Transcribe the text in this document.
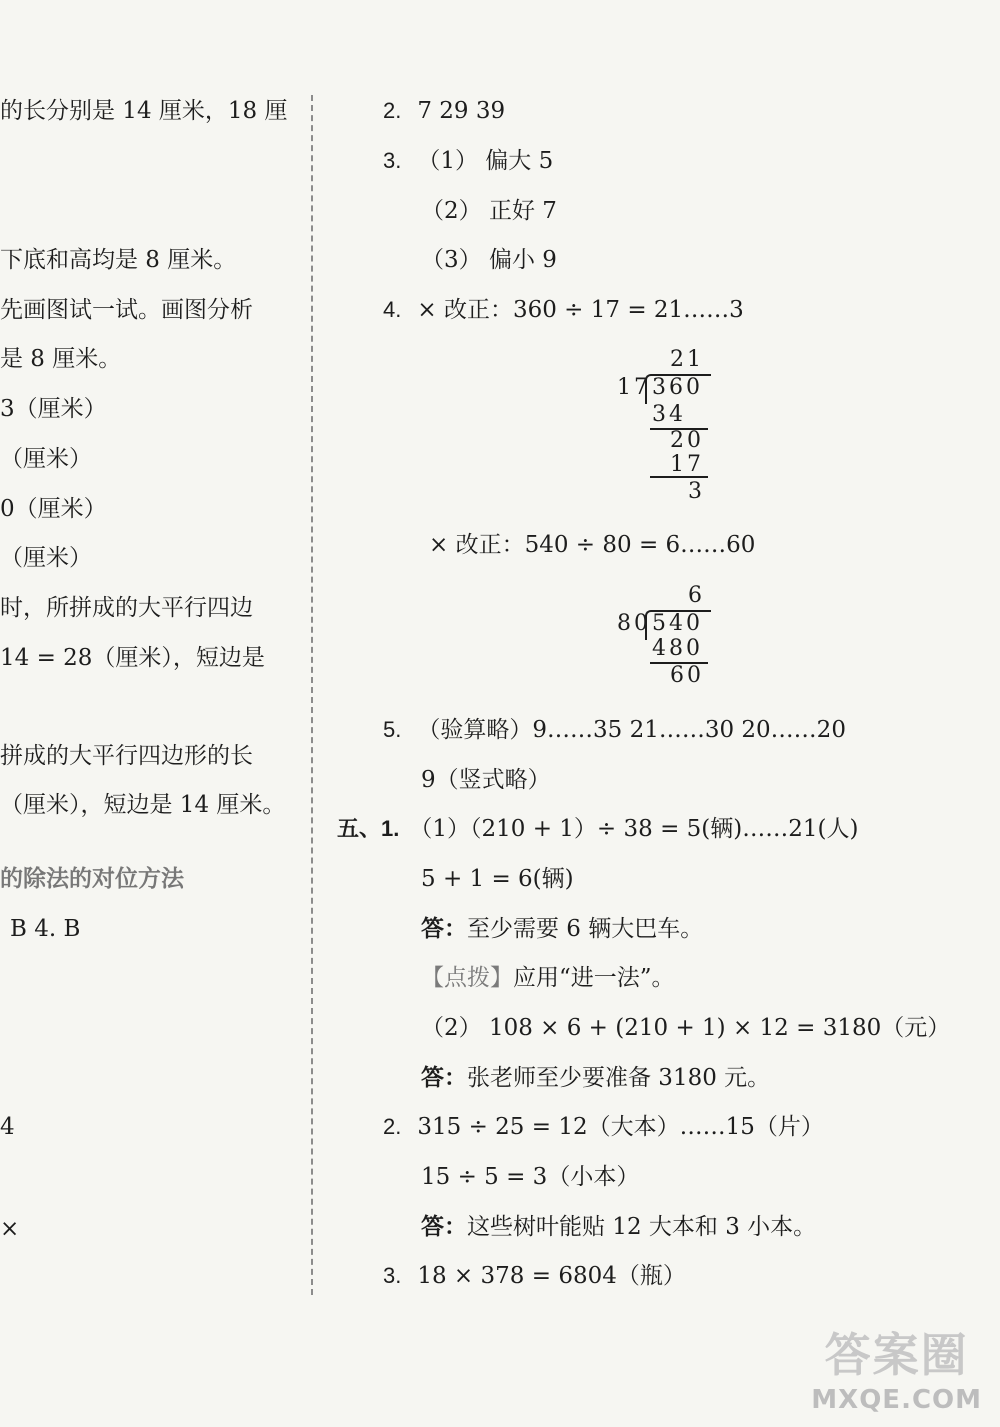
的长分别是 14 厘米，18 厘
下底和高均是 8 厘米。
先画图试一试。画图分析
是 8 厘米。
3（厘米）
（厘米）
0（厘米）
（厘米）
时，所拼成的大平行四边
14 = 28（厘米），短边是
拼成的大平行四边形的长
（厘米），短边是 14 厘米。
的除法的对位方法
B 4. B
4
×
2. 7 29 39
3. （1） 偏大 5
（2） 正好 7
（3） 偏小 9
4. × 改正：360 ÷ 17 = 21……3
21
17 360
34
20
17
3
× 改正：540 ÷ 80 = 6……60
6
80 540
480
60
5. （验算略）9……35 21……30 20……20
9（竖式略）
五、1. （1）（210 + 1）÷ 38 = 5(辆)……21(人)
5 + 1 = 6(辆)
答：至少需要 6 辆大巴车。
【点拨】应用“进一法”。
（2） 108 × 6 + (210 + 1) × 12 = 3180（元）
答：张老师至少要准备 3180 元。
2. 315 ÷ 25 = 12（大本）……15（片）
15 ÷ 5 = 3（小本）
答：这些树叶能贴 12 大本和 3 小本。
3. 18 × 378 = 6804（瓶）
答案圈
MXQE.COM
